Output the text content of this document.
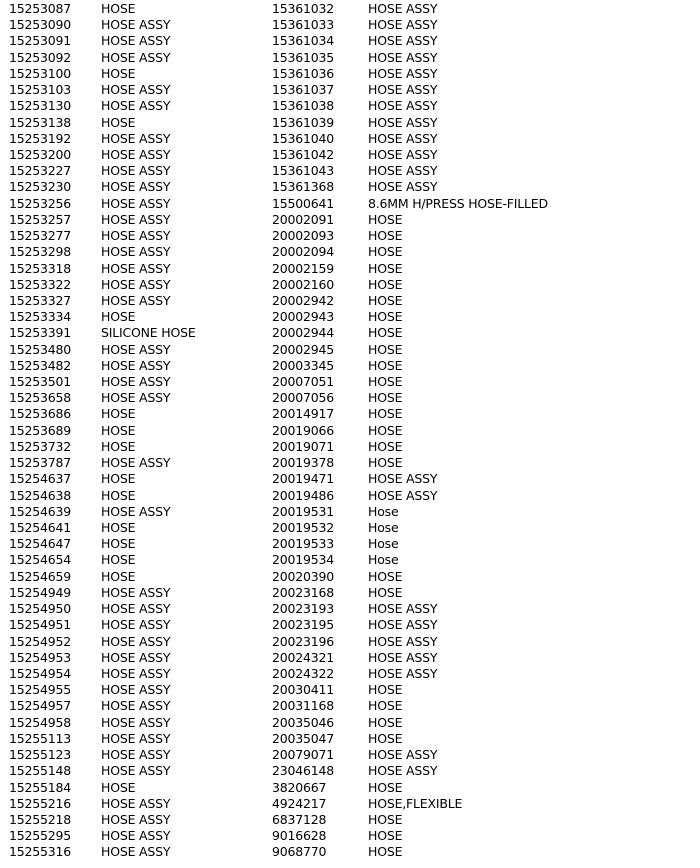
15253087 HOSE
15253090 HOSE ASSY
15253091 HOSE ASSY
15253092 HOSE ASSY
15253100 HOSE
15253103 HOSE ASSY
15253130 HOSE ASSY
15253138 HOSE
15253192 HOSE ASSY
15253200 HOSE ASSY
15253227 HOSE ASSY
15253230 HOSE ASSY
15253256 HOSE ASSY
15253257 HOSE ASSY
15253277 HOSE ASSY
15253298 HOSE ASSY
15253318 HOSE ASSY
15253322 HOSE ASSY
15253327 HOSE ASSY
15253334 HOSE
15253391 SILICONE HOSE
15253480 HOSE ASSY
15253482 HOSE ASSY
15253501 HOSE ASSY
15253658 HOSE ASSY
15253686 HOSE
15253689 HOSE
15253732 HOSE
15253787 HOSE ASSY
15254637 HOSE
15254638 HOSE
15254639 HOSE ASSY
15254641 HOSE
15254647 HOSE
15254654 HOSE
15254659 HOSE
15254949 HOSE ASSY
15254950 HOSE ASSY
15254951 HOSE ASSY
15254952 HOSE ASSY
15254953 HOSE ASSY
15254954 HOSE ASSY
15254955 HOSE ASSY
15254957 HOSE ASSY
15254958 HOSE ASSY
15255113 HOSE ASSY
15255123 HOSE ASSY
15255148 HOSE ASSY
15255184 HOSE
15255216 HOSE ASSY
15255218 HOSE ASSY
15255295 HOSE ASSY
15255316 HOSE ASSY
15361032	HOSE ASSY
15361033	HOSE ASSY
15361034	HOSE ASSY
15361035	HOSE ASSY
15361036	HOSE ASSY
15361037	HOSE ASSY
15361038	HOSE ASSY
15361039	HOSE ASSY
15361040	HOSE ASSY
15361042	HOSE ASSY
15361043	HOSE ASSY
15361368	HOSE ASSY
15500641	8.6MM H/PRESS HOSE-FILLED
20002091	HOSE
20002093	HOSE
20002094	HOSE
20002159	HOSE
20002160	HOSE
20002942	HOSE
20002943	HOSE
20002944	HOSE
20002945	HOSE
20003345	HOSE
20007051	HOSE
20007056	HOSE
20014917	HOSE
20019066	HOSE
20019071	HOSE
20019378	HOSE
20019471	HOSE ASSY
20019486	HOSE ASSY
20019531	Hose
20019532	Hose
20019533	Hose
20019534	Hose
20020390	HOSE
20023168	HOSE
20023193	HOSE ASSY
20023195	HOSE ASSY
20023196	HOSE ASSY
20024321	HOSE ASSY
20024322	HOSE ASSY
20030411	HOSE
20031168	HOSE
20035046	HOSE
20035047	HOSE
20079071	HOSE ASSY
23046148	HOSE ASSY
3820667	HOSE
4924217	HOSE,FLEXIBLE
6837128	HOSE
9016628	HOSE
9068770	HOSE
